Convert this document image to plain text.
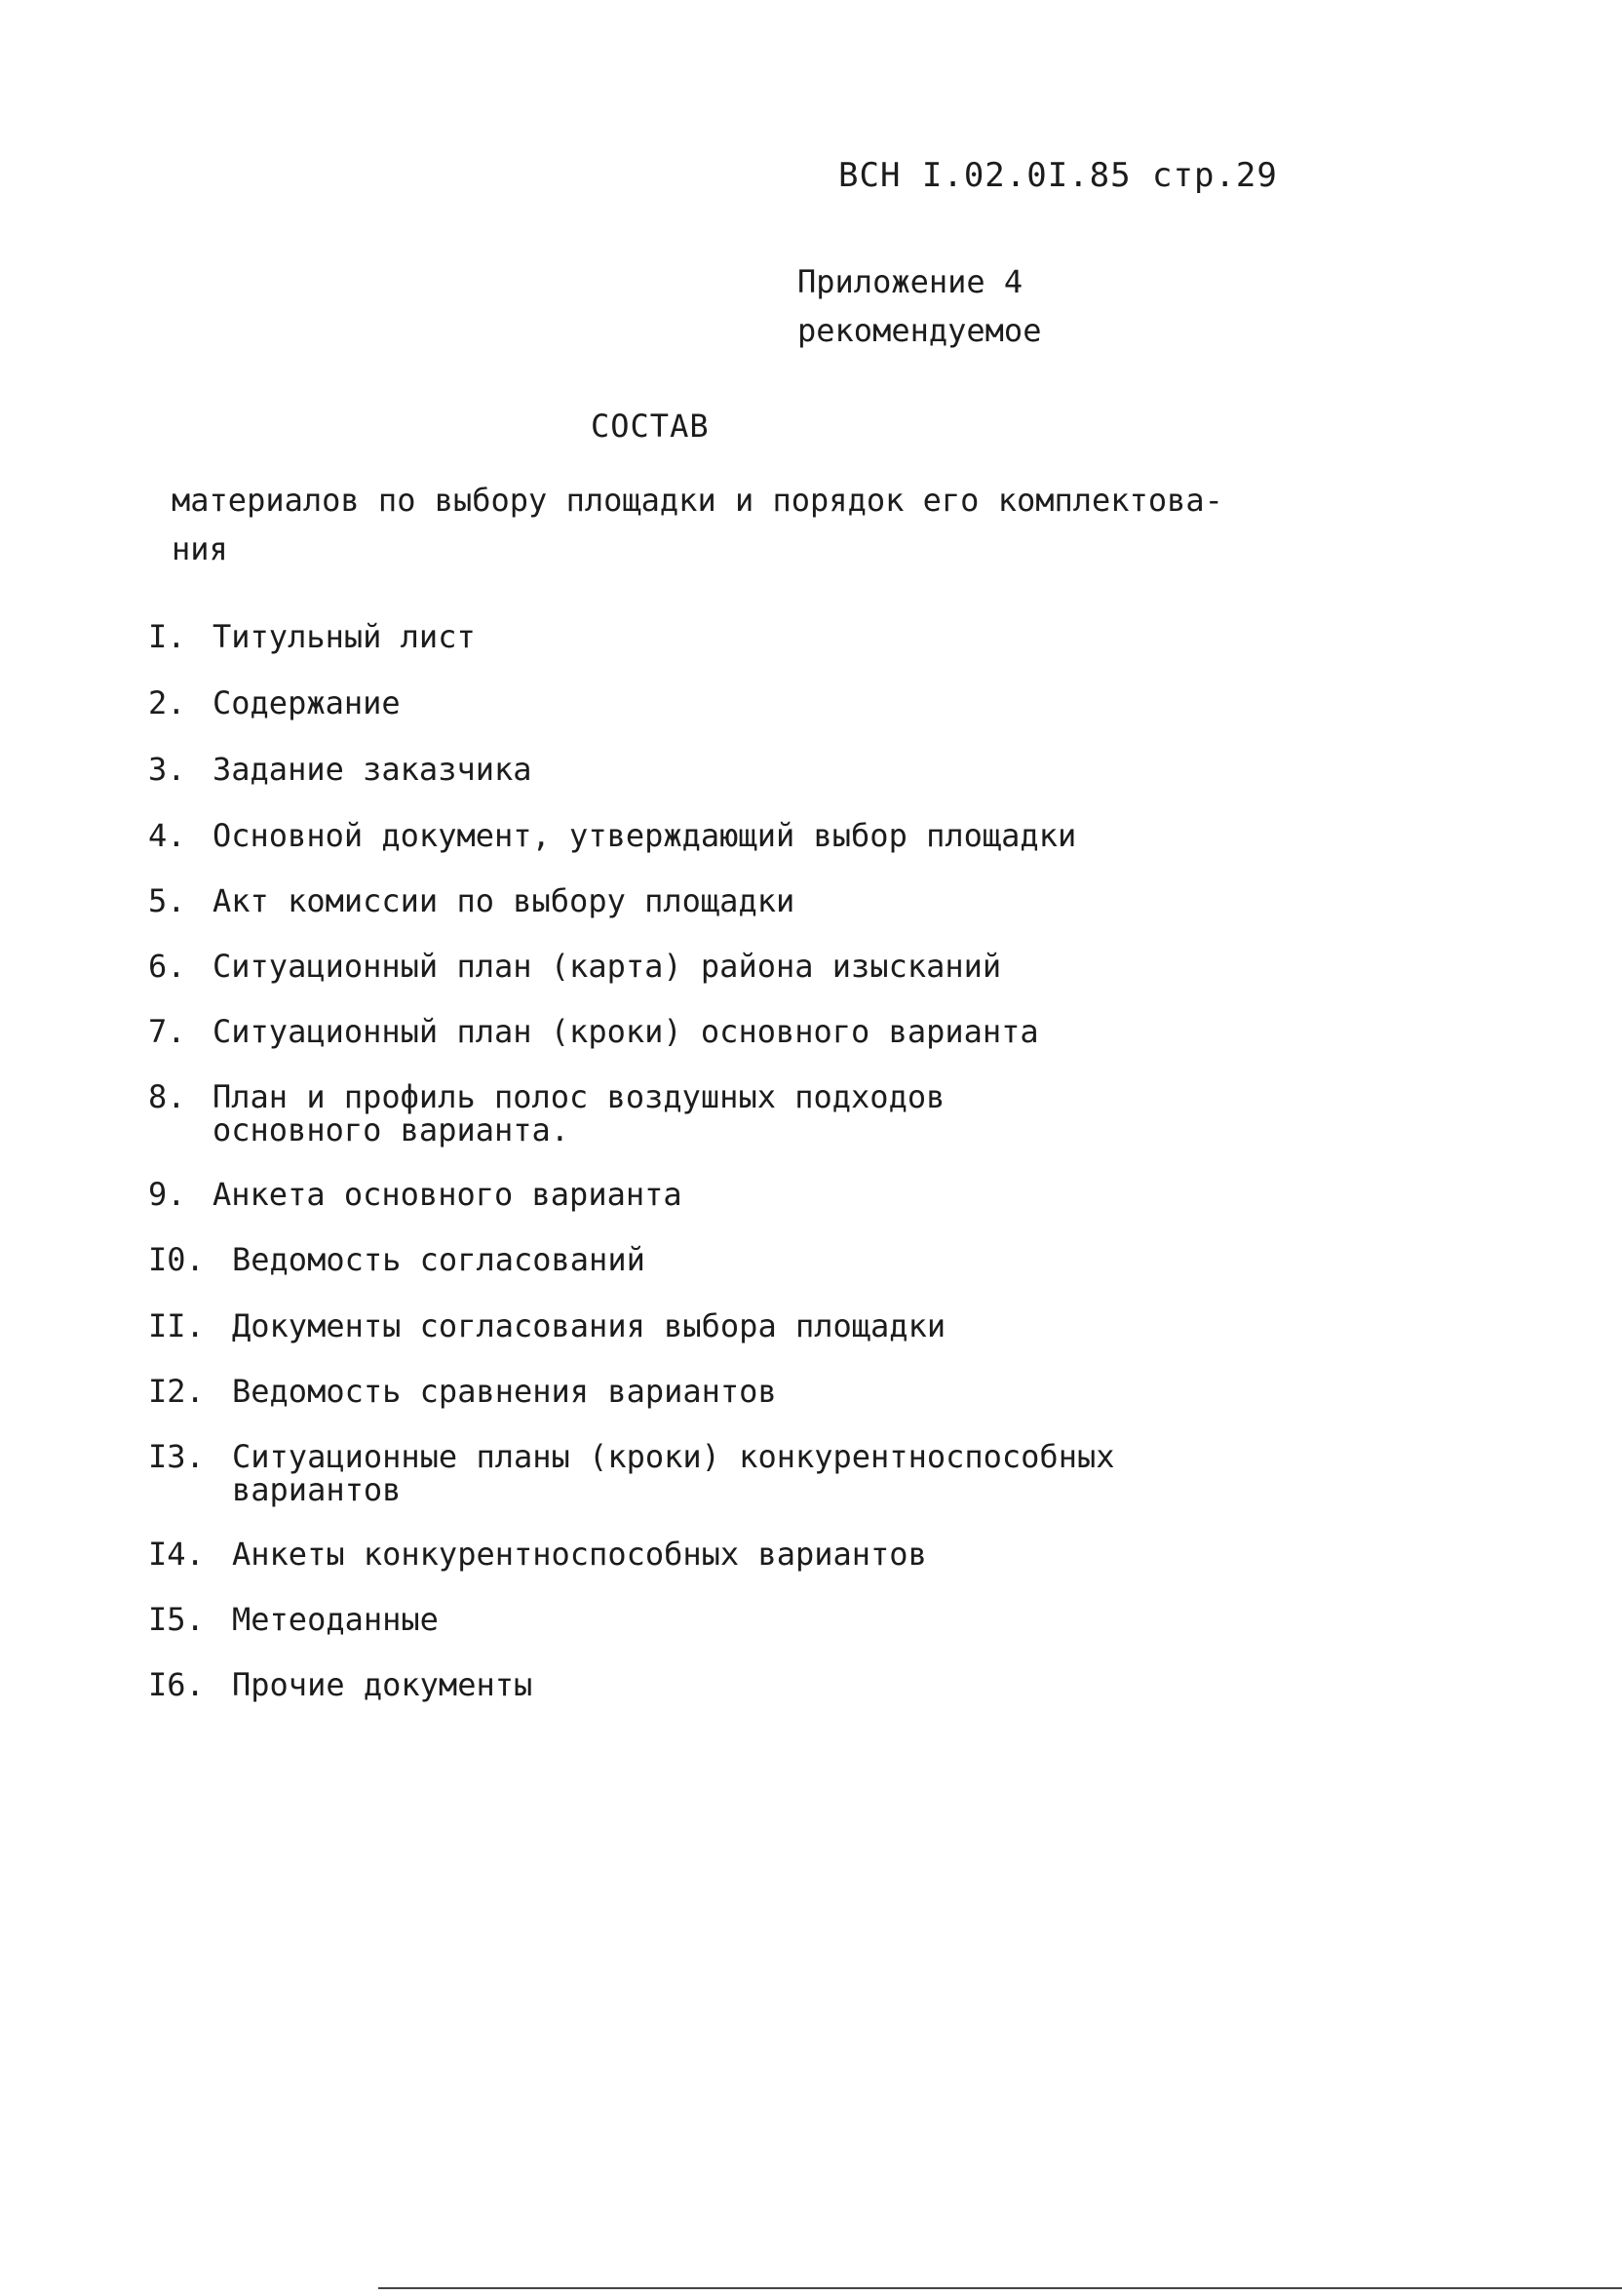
ВСН I.02.0I.85 стр.29
Приложение 4
рекомендуемое
СОСТАВ
материалов по выбору площадки и порядок его комплектова-
ния
I. Титульный лист
2. Содержание
3. Задание заказчика
4. Основной документ, утверждающий выбор площадки
5. Акт комиссии по выбору площадки
6. Ситуационный план (карта) района изысканий
7. Ситуационный план (кроки) основного варианта
8. План и профиль полос воздушных подходов
основного варианта.
9. Анкета основного варианта
I0. Ведомость согласований
II. Документы согласования выбора площадки
I2. Ведомость сравнения вариантов
I3. Ситуационные планы (кроки) конкурентноспособных
вариантов
I4. Анкеты конкурентноспособных вариантов
I5. Метеоданные
I6. Прочие документы
